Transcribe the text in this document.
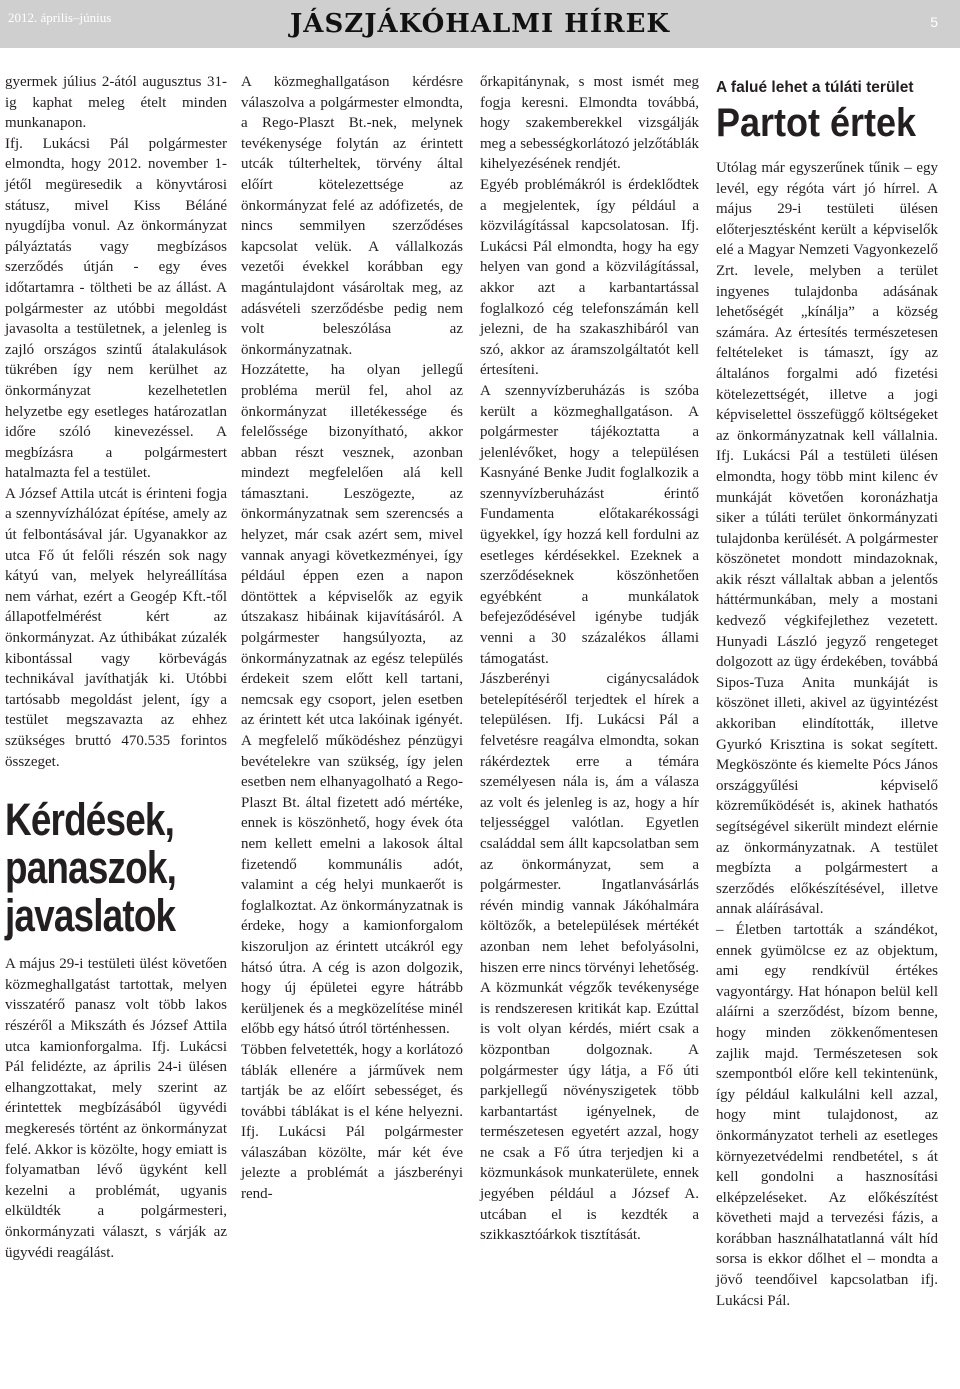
2012. április–június	JÁSZJÁKÓHALMI HÍREK	5

gyermek július 2-ától augusztus 31-ig kaphat meleg ételt minden munkanapon.

Ifj. Lukácsi Pál polgármester elmondta, hogy 2012. november 1-jétől megüresedik a könyvtárosi státusz, mivel Kiss Béláné nyugdíjba vonul. Az önkormányzat pályáztatás vagy megbízásos szerződés útján - egy éves időtartamra - töltheti be az állást. A polgármester az utóbbi megoldást javasolta a testületnek, a jelenleg is zajló országos szintű átalakulások tükrében így nem kerülhet az önkormányzat kezelhetetlen helyzetbe egy esetleges határozatlan időre szóló kinevezéssel. A megbízásra a polgármestert hatalmazta fel a testület.

A József Attila utcát is érinteni fogja a szennyvízhálózat építése, amely az út felbontásával jár. Ugyanakkor az utca Fő út felőli részén sok nagy kátyú van, melyek helyreállítása nem várhat, ezért a Geogép Kft.-től állapotfelmérést kért az önkormányzat. Az úthibákat zúzalék kibontással vagy körbevágás technikával javíthatják ki. Utóbbi tartósabb megoldást jelent, így a testület megszavazta az ehhez szükséges bruttó 470.535 forintos összeget.

Kérdések, panaszok, javaslatok

A május 29-i testületi ülést követően közmeghallgatást tartottak, melyen visszatérő panasz volt több lakos részéről a Mikszáth és József Attila utca kamionforgalma. Ifj. Lukácsi Pál felidézte, az április 24-i ülésen elhangzottakat, mely szerint az érintettek megbízásából ügyvédi megkeresés történt az önkormányzat felé. Akkor is közölte, hogy emiatt is folyamatban lévő ügyként kell kezelni a problémát, ugyanis elküldték a polgármesteri, önkormányzati választ, s várják az ügyvédi reagálást.

A közmeghallgatáson kérdésre válaszolva a polgármester elmondta, a Rego-Plaszt Bt.-nek, melynek tevékenysége folytán az érintett utcák túlterheltek, törvény által előírt kötelezettsége az önkormányzat felé az adófizetés, de nincs semmilyen szerződéses kapcsolat velük. A vállalkozás vezetői évekkel korábban egy magántulajdont vásároltak meg, az adásvételi szerződésbe pedig nem volt beleszólása az önkormányzatnak.

Hozzátette, ha olyan jellegű probléma merül fel, ahol az önkormányzat illetékessége és felelőssége bizonyítható, akkor abban részt vesznek, azonban mindezt megfelelően alá kell támasztani. Leszögezte, az önkormányzatnak sem szerencsés a helyzet, már csak azért sem, mivel vannak anyagi következményei, így például éppen ezen a napon döntöttek a képviselők az egyik útszakasz hibáinak kijavításáról. A polgármester hangsúlyozta, az önkormányzatnak az egész település érdekeit szem előtt kell tartani, nemcsak egy csoport, jelen esetben az érintett két utca lakóinak igényét. A megfelelő működéshez pénzügyi bevételekre van szükség, így jelen esetben nem elhanyagolható a Rego-Plaszt Bt. által fizetett adó mértéke, ennek is köszönhető, hogy évek óta nem kellett emelni a lakosok által fizetendő kommunális adót, valamint a cég helyi munkaerőt is foglalkoztat. Az önkormányzatnak is érdeke, hogy a kamionforgalom kiszoruljon az érintett utcákról egy hátsó útra. A cég is azon dolgozik, hogy új épületei egyre hátrább kerüljenek és a megközelítése minél előbb egy hátsó útról történhessen.

Többen felvetették, hogy a korlátozó táblák ellenére a járművek nem tartják be az előírt sebességet, és további táblákat is el kéne helyezni. Ifj. Lukácsi Pál polgármester válaszában közölte, már két éve jelezte a problémát a jászberényi rend-

őrkapitánynak, s most ismét meg fogja keresni. Elmondta továbbá, hogy szakemberekkel vizsgálják meg a sebességkorlátozó jelzőtáblák kihelyezésének rendjét.

Egyéb problémákról is érdeklődtek a megjelentek, így például a közvilágítással kapcsolatosan. Ifj. Lukácsi Pál elmondta, hogy ha egy helyen van gond a közvilágítással, akkor azt a karbantartással foglalkozó cég telefonszámán kell jelezni, de ha szakaszhibáról van szó, akkor az áramszolgáltatót kell értesíteni.

A szennyvízberuházás is szóba került a közmeghallgatáson. A polgármester tájékoztatta a jelenlévőket, hogy a településen Kasnyáné Benke Judit foglalkozik a szennyvízberuházást érintő Fundamenta előtakarékossági ügyekkel, így hozzá kell fordulni az esetleges kérdésekkel. Ezeknek a szerződéseknek köszönhetően egyébként a munkálatok befejeződésével igénybe tudják venni a 30 százalékos állami támogatást.

Jászberényi cigánycsaládok betelepítéséről terjedtek el hírek a településen. Ifj. Lukácsi Pál a felvetésre reagálva elmondta, sokan rákérdeztek erre a témára személyesen nála is, ám a válasza az volt és jelenleg is az, hogy a hír teljességgel valótlan. Egyetlen családdal sem állt kapcsolatban sem az önkormányzat, sem a polgármester. Ingatlanvásárlás révén mindig vannak Jákóhalmára költözők, a betelepülések mértékét azonban nem lehet befolyásolni, hiszen erre nincs törvényi lehetőség. A közmunkát végzők tevékenysége is rendszeresen kritikát kap. Ezúttal is volt olyan kérdés, miért csak a központban dolgoznak. A polgármester úgy látja, a Fő úti parkjellegű növényszigetek több karbantartást igényelnek, de természetesen egyetért azzal, hogy ne csak a Fő útra terjedjen ki a közmunkások munkaterülete, ennek jegyében például a József A. utcában el is kezdték a szikkasztóárkok tisztítását.

A falué lehet a túláti terület
Partot értek

Utólag már egyszerűnek tűnik – egy levél, egy régóta várt jó hírrel. A május 29-i testületi ülésen előterjesztésként került a képviselők elé a Magyar Nemzeti Vagyonkezelő Zrt. levele, melyben a terület ingyenes tulajdonba adásának lehetőségét „kínálja” a község számára. Az értesítés természetesen feltételeket is támaszt, így az általános forgalmi adó fizetési kötelezettségét, illetve a jogi képviselettel összefüggő költségeket az önkormányzatnak kell vállalnia. Ifj. Lukácsi Pál a testületi ülésen elmondta, hogy több mint kilenc év munkáját követően koronázhatja siker a túláti terület önkormányzati tulajdonba kerülését. A polgármester köszönetet mondott mindazoknak, akik részt vállaltak abban a jelentős háttérmunkában, mely a mostani kedvező végkifejlethez vezetett. Hunyadi László jegyző rengeteget dolgozott az ügy érdekében, továbbá Sipos-Tuza Anita munkáját is köszönet illeti, akivel az ügyintézést akkoriban elindították, illetve Gyurkó Krisztina is sokat segített. Megköszönte és kiemelte Pócs János országgyűlési képviselő közreműködését is, akinek hathatós segítségével sikerült mindezt elérnie az önkormányzatnak. A testület megbízta a polgármestert a szerződés előkészítésével, illetve annak aláírásával.

– Életben tartották a szándékot, ennek gyümölcse ez az objektum, ami egy rendkívül értékes vagyontárgy. Hat hónapon belül kell aláírni a szerződést, bízom benne, hogy minden zökkenőmentesen zajlik majd. Természetesen sok szempontból előre kell tekintenünk, így például kalkulálni kell azzal, hogy mint tulajdonost, az önkormányzatot terheli az esetleges környezetvédelmi rendbetétel, s át kell gondolni a hasznosítási elképzeléseket. Az előkészítést követheti majd a tervezési fázis, a korábban használhatatlanná vált híd sorsa is ekkor dőlhet el – mondta a jövő teendőivel kapcsolatban ifj. Lukácsi Pál.
